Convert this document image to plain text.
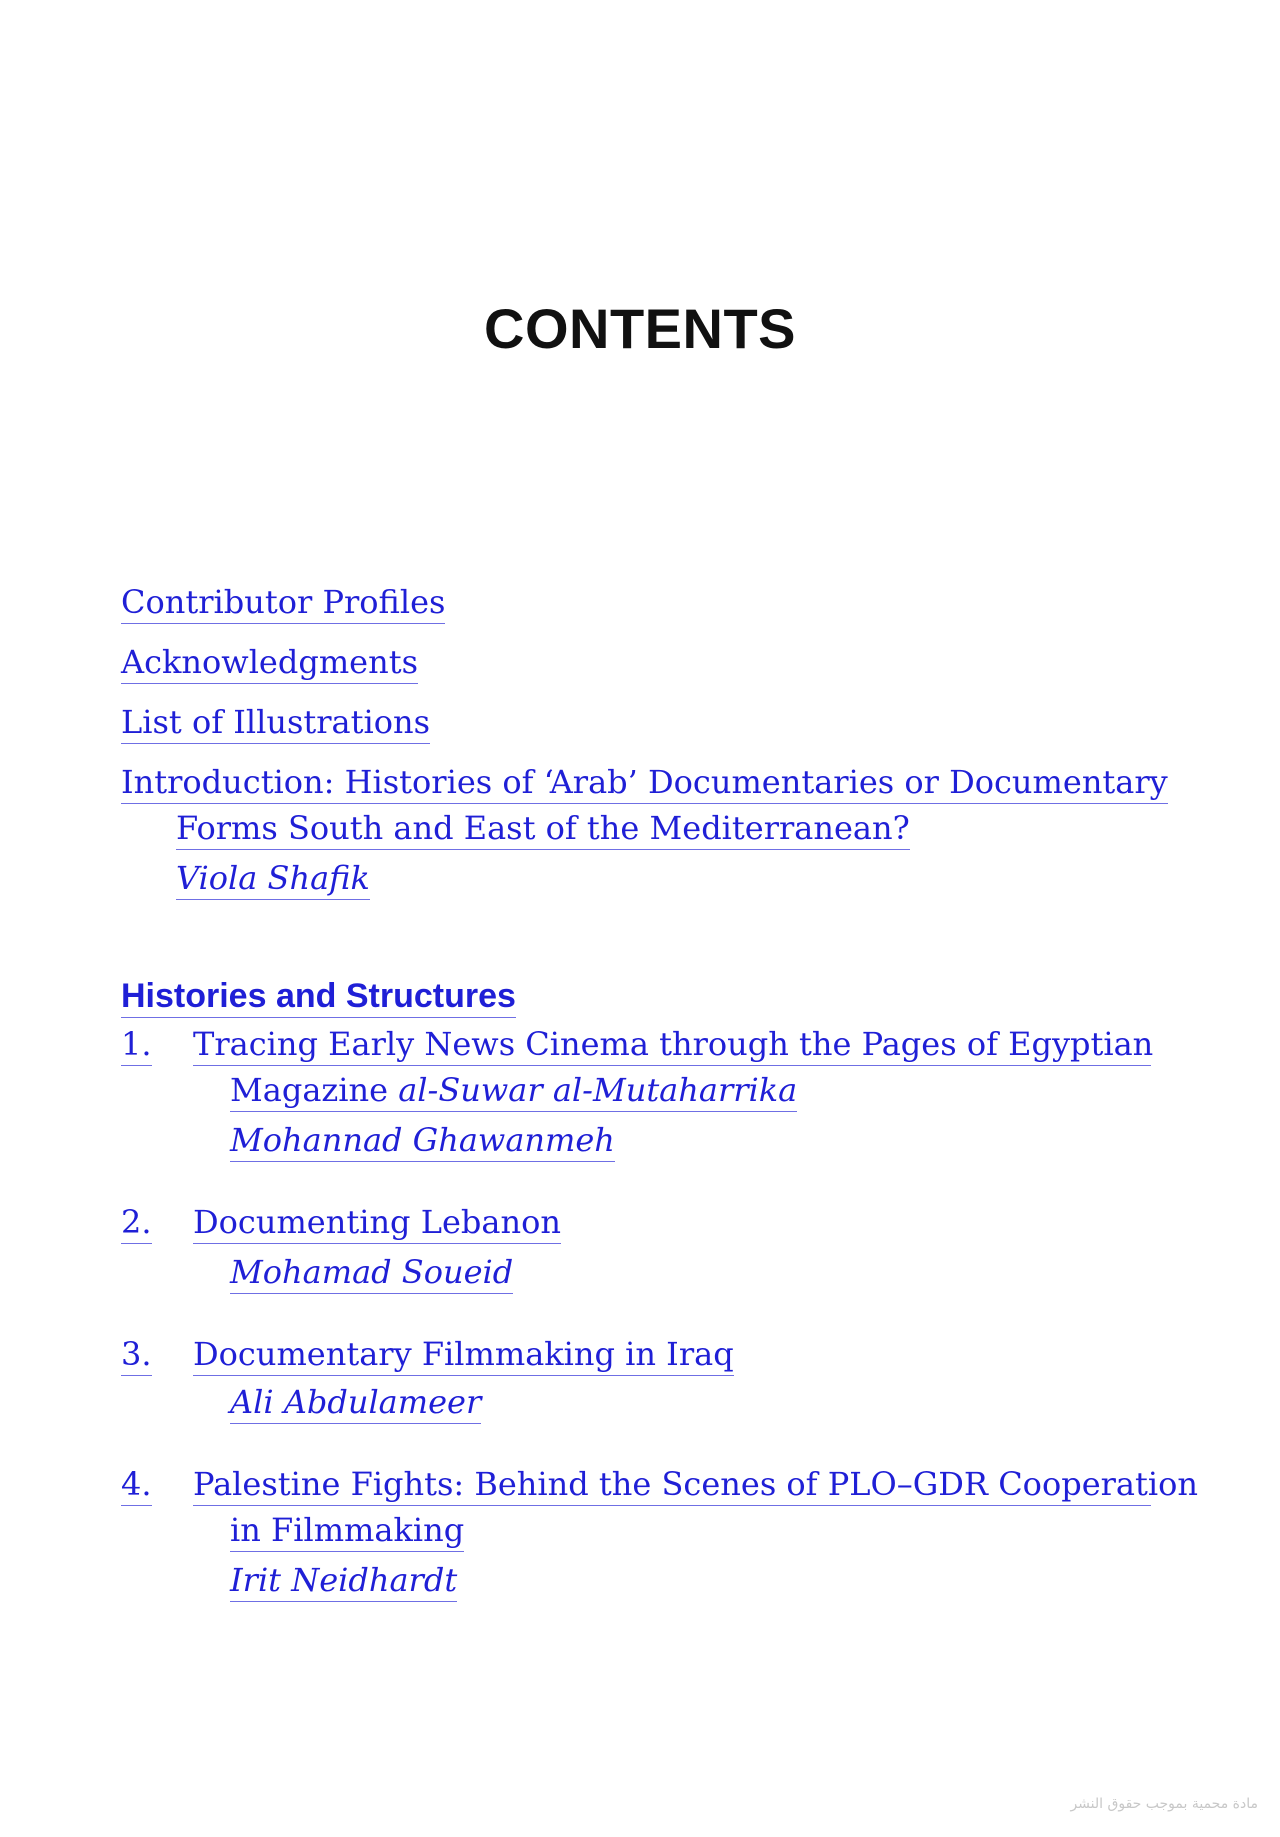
CONTENTS
Contributor Profiles
Acknowledgments
List of Illustrations
Introduction: Histories of ‘Arab’ Documentaries or Documentary
Forms South and East of the Mediterranean?
Viola Shafik
Histories and Structures
1. Tracing Early News Cinema through the Pages of Egyptian
Magazine al-Suwar al-Mutaharrika
Mohannad Ghawanmeh
2. Documenting Lebanon
Mohamad Soueid
3. Documentary Filmmaking in Iraq
Ali Abdulameer
4. Palestine Fights: Behind the Scenes of PLO–GDR Cooperation
in Filmmaking
Irit Neidhardt
مادة محمية بموجب حقوق النشر
